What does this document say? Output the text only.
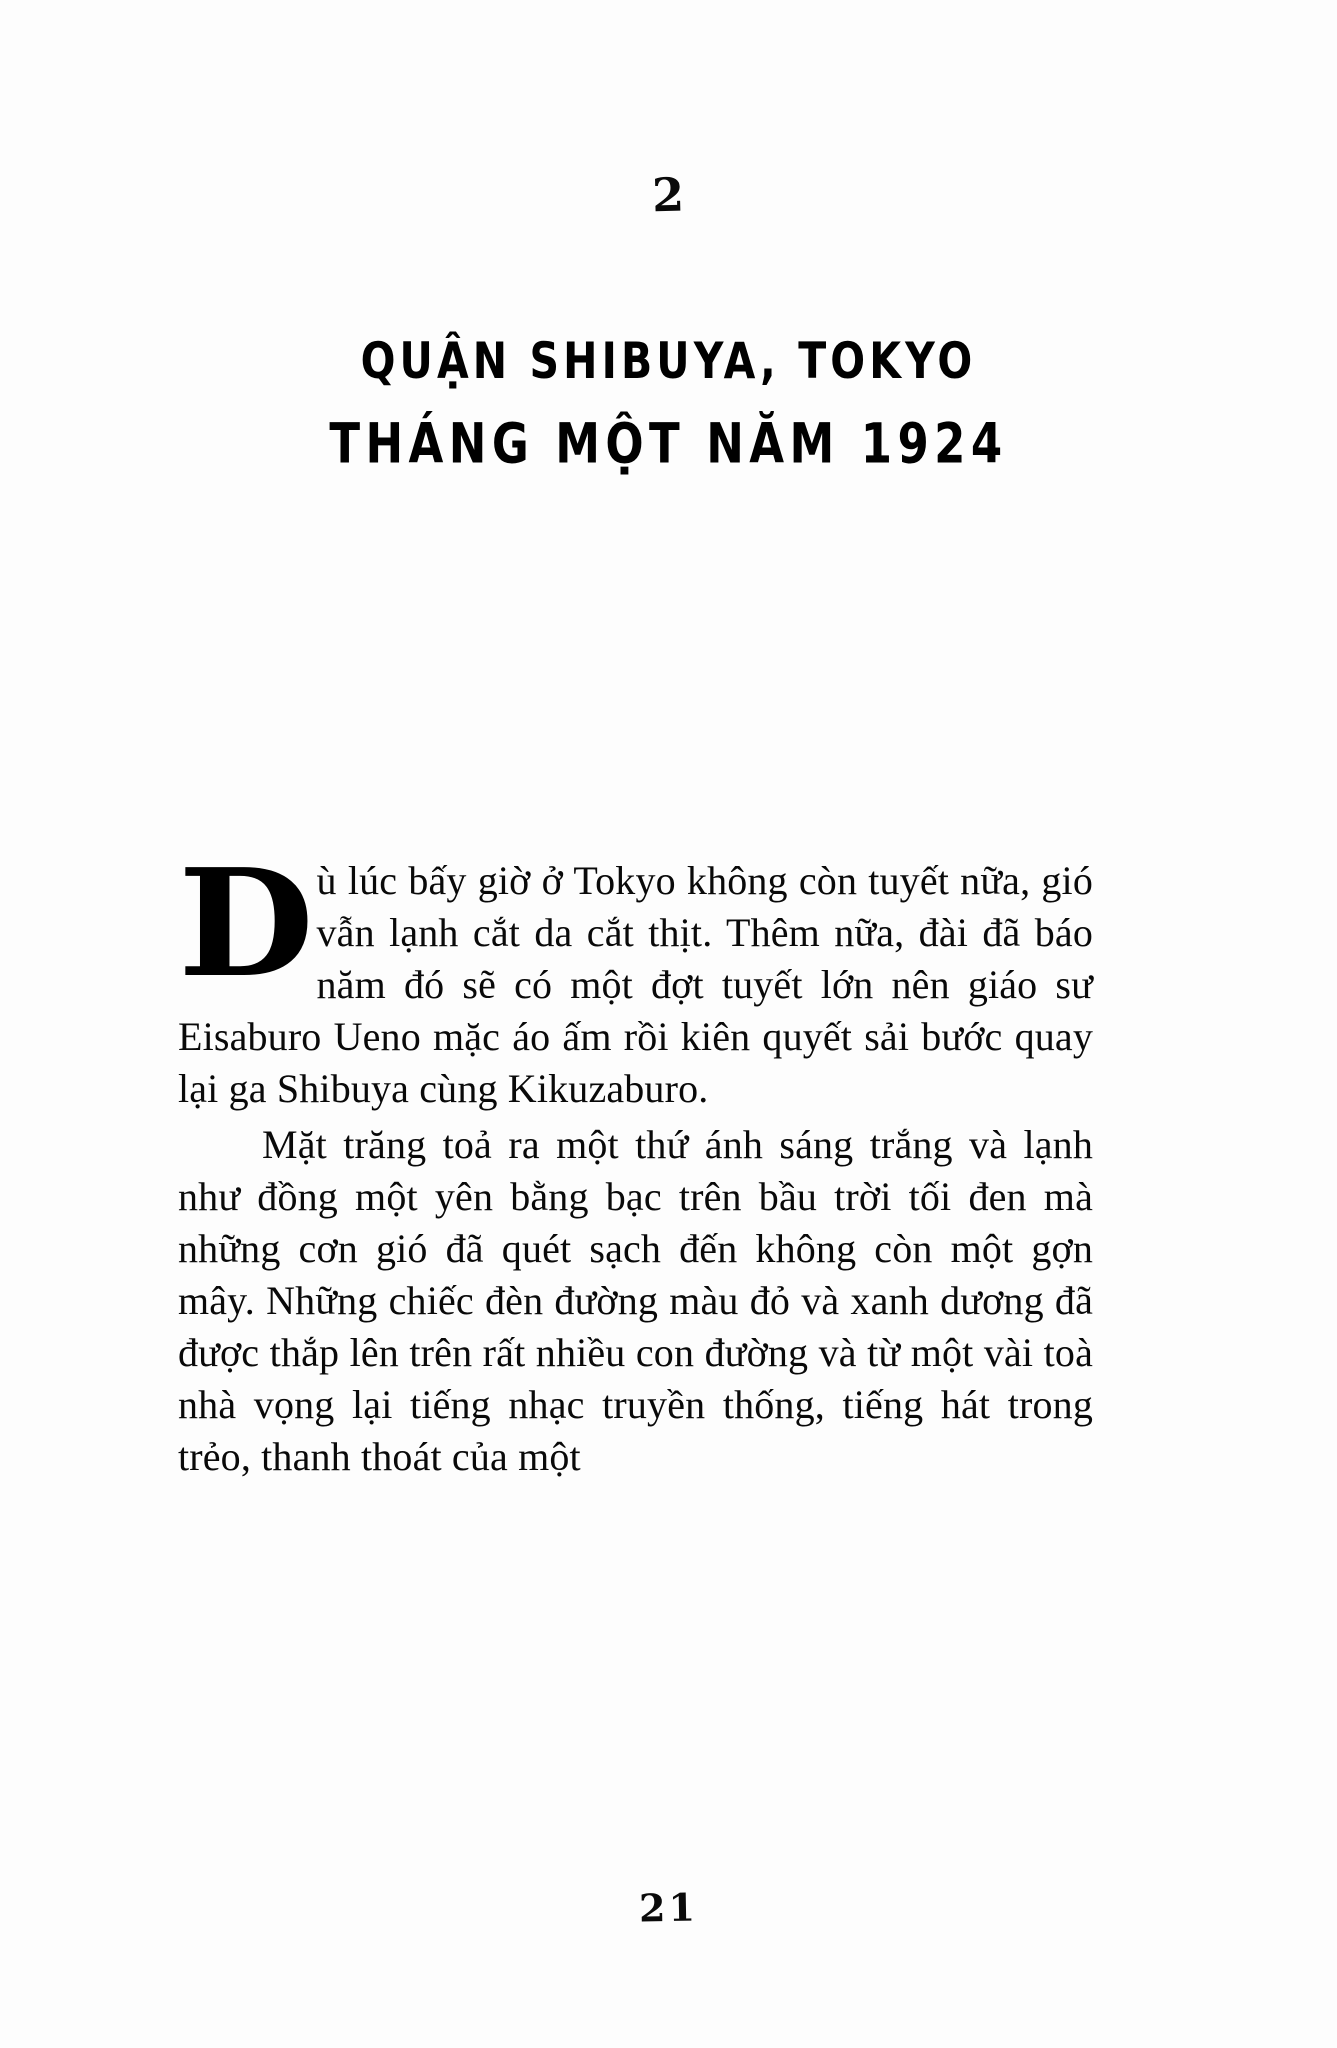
2
QUẬN SHIBUYA, TOKYO
THÁNG MỘT NĂM 1924

Dù lúc bấy giờ ở Tokyo không còn tuyết nữa, gió vẫn lạnh cắt da cắt thịt. Thêm nữa, đài đã báo năm đó sẽ có một đợt tuyết lớn nên giáo sư Eisaburo Ueno mặc áo ấm rồi kiên quyết sải bước quay lại ga Shibuya cùng Kikuzaburo.

Mặt trăng toả ra một thứ ánh sáng trắng và lạnh như đồng một yên bằng bạc trên bầu trời tối đen mà những cơn gió đã quét sạch đến không còn một gợn mây. Những chiếc đèn đường màu đỏ và xanh dương đã được thắp lên trên rất nhiều con đường và từ một vài toà nhà vọng lại tiếng nhạc truyền thống, tiếng hát trong trẻo, thanh thoát của một

21
